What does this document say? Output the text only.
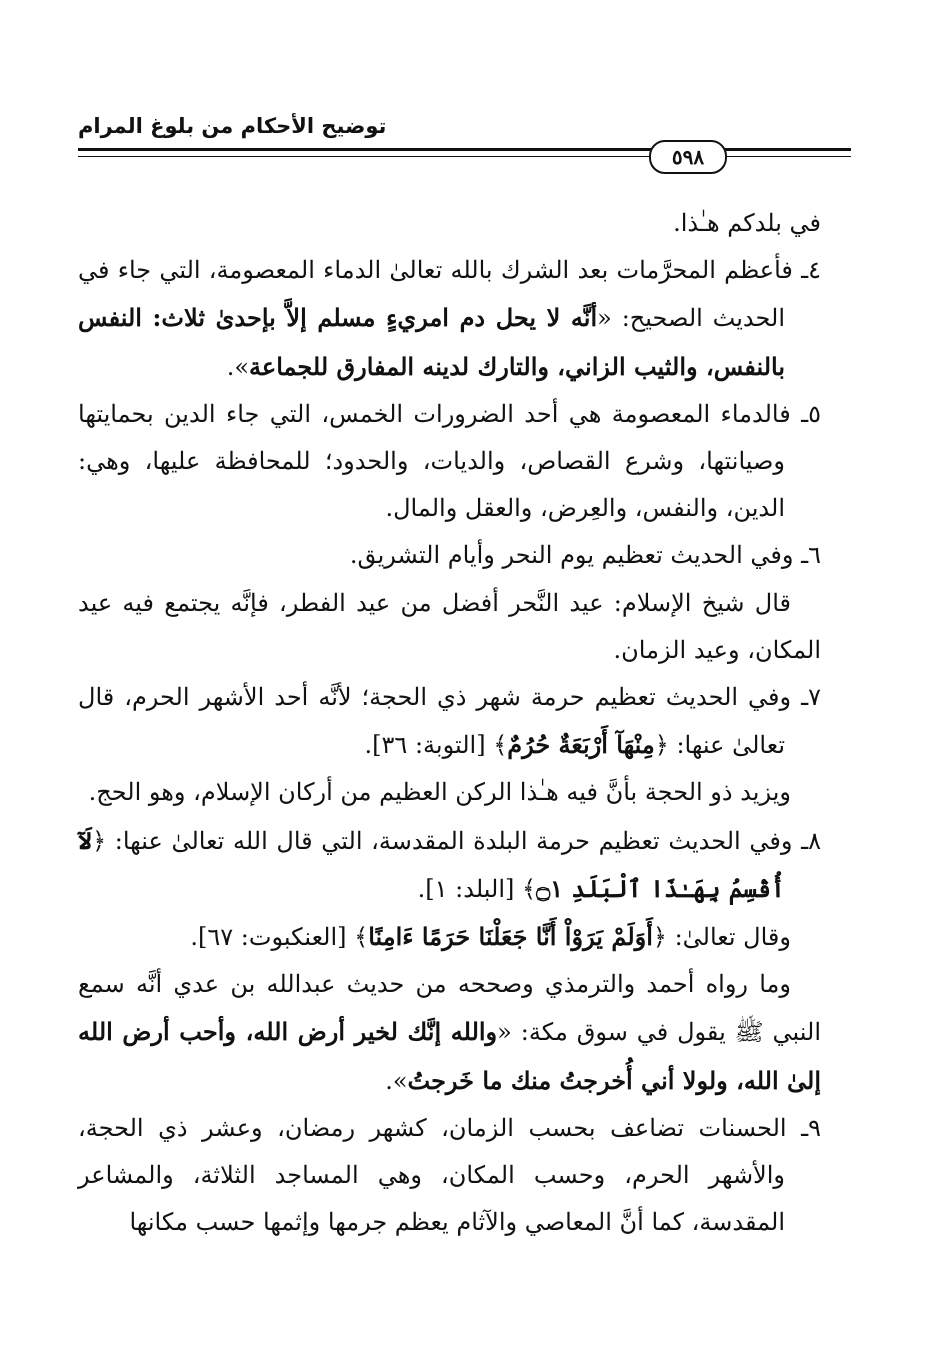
توضيح الأحكام من بلوغ المرام
٥٩٨

في بلدكم هـٰذا.

٤ـ فأعظم المحرَّمات بعد الشرك بالله تعالىٰ الدماء المعصومة، التي جاء في الحديث الصحيح: «أنَّه لا يحل دم امريءٍ مسلم إلاَّ بإحدىٰ ثلاث: النفس بالنفس، والثيب الزاني، والتارك لدينه المفارق للجماعة».

٥ـ فالدماء المعصومة هي أحد الضرورات الخمس، التي جاء الدين بحمايتها وصيانتها، وشرع القصاص، والديات، والحدود؛ للمحافظة عليها، وهي: الدين، والنفس، والعِرض، والعقل والمال.

٦ـ وفي الحديث تعظيم يوم النحر وأيام التشريق.

قال شيخ الإسلام: عيد النَّحر أفضل من عيد الفطر، فإنَّه يجتمع فيه عيد المكان، وعيد الزمان.

٧ـ وفي الحديث تعظيم حرمة شهر ذي الحجة؛ لأنَّه أحد الأشهر الحرم، قال تعالىٰ عنها: ﴿مِنْهَآ أَرْبَعَةٌ حُرُمٌ﴾ [التوبة: ٣٦].

ويزيد ذو الحجة بأنَّ فيه هـٰذا الركن العظيم من أركان الإسلام، وهو الحج.

٨ـ وفي الحديث تعظيم حرمة البلدة المقدسة، التي قال الله تعالىٰ عنها: ﴿لَآ أُقْسِمُ بِهَـٰذَا ٱلْبَلَدِ ۝١﴾ [البلد: ١].

وقال تعالىٰ: ﴿أَوَلَمْ يَرَوْاْ أَنَّا جَعَلْنَا حَرَمًا ءَامِنًا﴾ [العنكبوت: ٦٧].

وما رواه أحمد والترمذي وصححه من حديث عبدالله بن عدي أنَّه سمع النبي ﷺ يقول في سوق مكة: «والله إنَّك لخير أرض الله، وأحب أرض الله إلىٰ الله، ولولا أني أُخرجتُ منك ما خَرجتُ».

٩ـ الحسنات تضاعف بحسب الزمان، كشهر رمضان، وعشر ذي الحجة، والأشهر الحرم، وحسب المكان، وهي المساجد الثلاثة، والمشاعر المقدسة، كما أنَّ المعاصي والآثام يعظم جرمها وإثمها حسب مكانها
